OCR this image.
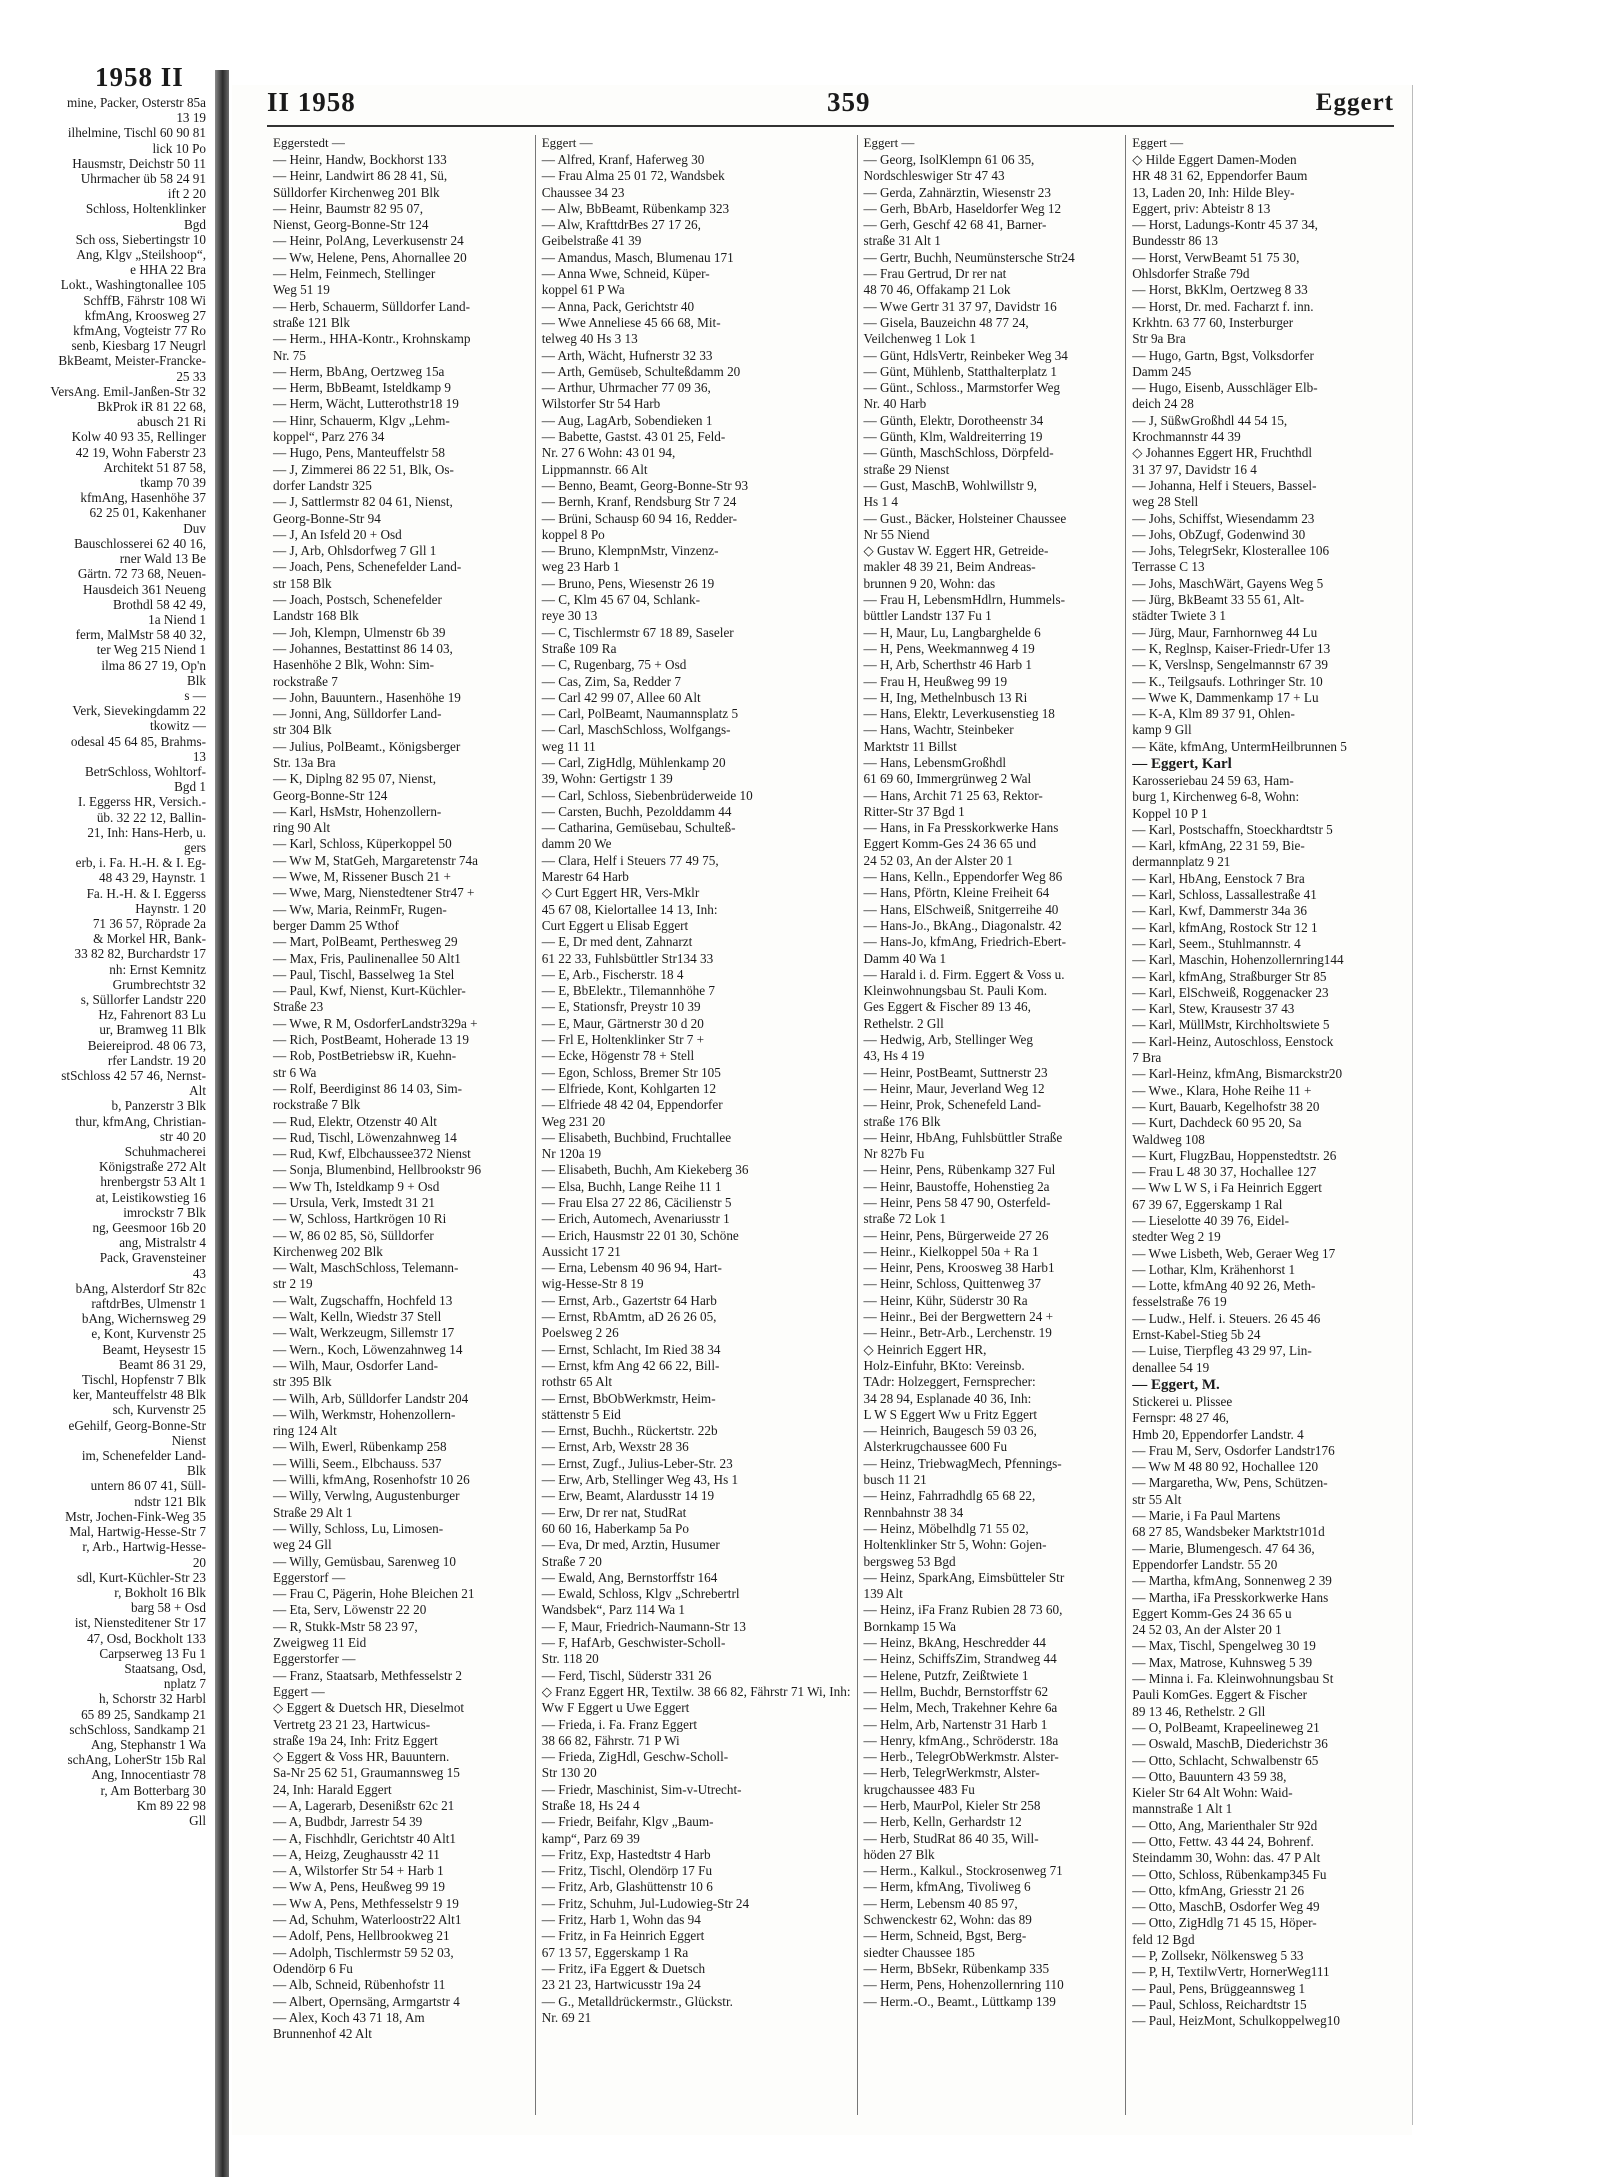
mine, Packer, Osterstr 85a
13 19
ilhelmine, Tischl 60 90 81
lick 10 Po
Hausmstr, Deichstr 50 11
Uhrmacher üb 58 24 91
ift 2 20
Schloss, Holtenklinker
Bgd
Sch oss, Siebertingstr 10
Ang, Klgv „Steilshoop“,
e HHA 22 Bra
Lokt., Washingtonallee 105
SchffB, Fährstr 108 Wi
kfmAng, Kroosweg 27
kfmAng, Vogteistr 77 Ro
senb, Kiesbarg 17 Neugrl
BkBeamt, Meister-Francke-
25 33
VersAng. Emil-Janßen-Str 32
BkProk iR 81 22 68,
abusch 21 Ri
Kolw 40 93 35, Rellinger
42 19, Wohn Faberstr 23
Architekt 51 87 58,
tkamp 70 39
kfmAng, Hasenhöhe 37
62 25 01, Kakenhaner
Duv
Bauschlosserei 62 40 16,
rner Wald 13 Be
Gärtn. 72 73 68, Neuen-
Hausdeich 361 Neueng
Brothdl 58 42 49,
1a Niend 1
ferm, MalMstr 58 40 32,
ter Weg 215 Niend 1
ilma 86 27 19, Op'n
Blk
s —
Verk, Sievekingdamm 22
tkowitz —
odesal 45 64 85, Brahms-
13
BetrSchloss, Wohltorf-
Bgd 1
I. Eggerss HR, Versich.-
üb. 32 22 12, Ballin-
21, Inh: Hans-Herb, u.
gers
erb, i. Fa. H.-H. & I. Eg-
48 43 29, Haynstr. 1
Fa. H.-H. & I. Eggerss
Haynstr. 1 20
71 36 57, Röprade 2a
& Morkel HR, Bank-
33 82 82, Burchardstr 17
nh: Ernst Kemnitz
Grumbrechtstr 32
s, Süllorfer Landstr 220
Hz, Fahrenort 83 Lu
ur, Bramweg 11 Blk
Beiereiprod. 48 06 73,
rfer Landstr. 19 20
stSchloss 42 57 46, Nernst-
Alt
b, Panzerstr 3 Blk
thur, kfmAng, Christian-
str 40 20
Schuhmacherei
Königstraße 272 Alt
hrenbergstr 53 Alt 1
at, Leistikowstieg 16
imrockstr 7 Blk
ng, Geesmoor 16b 20
ang, Mistralstr 4
Pack, Gravensteiner
43
bAng, Alsterdorf Str 82c
raftdrBes, Ulmenstr 1
bAng, Wichernsweg 29
e, Kont, Kurvenstr 25
Beamt, Heysestr 15
Beamt 86 31 29,
Tischl, Hopfenstr 7 Blk
ker, Manteuffelstr 48 Blk
sch, Kurvenstr 25
eGehilf, Georg-Bonne-Str
Nienst
im, Schenefelder Land-
Blk
untern 86 07 41, Süll-
ndstr 121 Blk
Mstr, Jochen-Fink-Weg 35
Mal, Hartwig-Hesse-Str 7
r, Arb., Hartwig-Hesse-
20
sdl, Kurt-Küchler-Str 23
r, Bokholt 16 Blk
barg 58 + Osd
ist, Niensteditener Str 17
47, Osd, Bockholt 133
Carpserweg 13 Fu 1
Staatsang, Osd,
nplatz 7
h, Schorstr 32 Harbl
65 89 25, Sandkamp 21
schSchloss, Sandkamp 21
Ang, Stephanstr 1 Wa
schAng, LoherStr 15b Ral
Ang, Innocentiastr 78
r, Am Botterbarg 30
Km 89 22 98
Gll
1958 II
II 1958	359	Eggert
Eggerstedt —
— Heinr, Handw, Bockhorst 133
— Heinr, Landwirt 86 28 41, Sü,
Sülldorfer Kirchenweg 201 Blk
— Heinr, Baumstr 82 95 07,
Nienst, Georg-Bonne-Str 124
— Heinr, PolAng, Leverkusenstr 24
— Ww, Helene, Pens, Ahornallee 20
— Helm, Feinmech, Stellinger
Weg 51 19
— Herb, Schauerm, Sülldorfer Land-
straße 121 Blk
— Herm., HHA-Kontr., Krohnskamp
Nr. 75
— Herm, BbAng, Oertzweg 15a
— Herm, BbBeamt, Isteldkamp 9
— Herm, Wächt, Lutterothstr18 19
— Hinr, Schauerm, Klgv „Lehm-
koppel“, Parz 276 34
— Hugo, Pens, Manteuffelstr 58
— J, Zimmerei 86 22 51, Blk, Os-
dorfer Landstr 325
— J, Sattlermstr 82 04 61, Nienst,
Georg-Bonne-Str 94
— J, An Isfeld 20 + Osd
— J, Arb, Ohlsdorfweg 7 Gll 1
— Joach, Pens, Schenefelder Land-
str 158 Blk
— Joach, Postsch, Schenefelder
Landstr 168 Blk
— Joh, Klempn, Ulmenstr 6b 39
— Johannes, Bestattinst 86 14 03,
Hasenhöhe 2 Blk, Wohn: Sim-
rockstraße 7
— John, Bauuntern., Hasenhöhe 19
— Jonni, Ang, Sülldorfer Land-
str 304 Blk
— Julius, PolBeamt., Königsberger
Str. 13a Bra
— K, Diplng 82 95 07, Nienst,
Georg-Bonne-Str 124
— Karl, HsMstr, Hohenzollern-
ring 90 Alt
— Karl, Schloss, Küperkoppel 50
— Ww M, StatGeh, Margaretenstr 74a
— Wwe, M, Rissener Busch 21 +
— Wwe, Marg, Nienstedtener Str47 +
— Ww, Maria, ReinmFr, Rugen-
berger Damm 25 Wthof
— Mart, PolBeamt, Perthesweg 29
— Max, Fris, Paulinenallee 50 Alt1
— Paul, Tischl, Basselweg 1a Stel
— Paul, Kwf, Nienst, Kurt-Küchler-
Straße 23
— Wwe, R M, OsdorferLandstr329a +
— Rich, PostBeamt, Hoherade 13 19
— Rob, PostBetriebsw iR, Kuehn-
str 6 Wa
— Rolf, Beerdiginst 86 14 03, Sim-
rockstraße 7 Blk
— Rud, Elektr, Otzenstr 40 Alt
— Rud, Tischl, Löwenzahnweg 14
— Rud, Kwf, Elbchaussee372 Nienst
— Sonja, Blumenbind, Hellbrookstr 96
— Ww Th, Isteldkamp 9 + Osd
— Ursula, Verk, Imstedt 31 21
— W, Schloss, Hartkrögen 10 Ri
— W, 86 02 85, Sö, Sülldorfer
Kirchenweg 202 Blk
— Walt, MaschSchloss, Telemann-
str 2 19
— Walt, Zugschaffn, Hochfeld 13
— Walt, Kelln, Wiedstr 37 Stell
— Walt, Werkzeugm, Sillemstr 17
— Wern., Koch, Löwenzahnweg 14
— Wilh, Maur, Osdorfer Land-
str 395 Blk
— Wilh, Arb, Sülldorfer Landstr 204
— Wilh, Werkmstr, Hohenzollern-
ring 124 Alt
— Wilh, Ewerl, Rübenkamp 258
— Willi, Seem., Elbchauss. 537
— Willi, kfmAng, Rosenhofstr 10 26
— Willy, Verwlng, Augustenburger
Straße 29 Alt 1
— Willy, Schloss, Lu, Limosen-
weg 24 Gll
— Willy, Gemüsbau, Sarenweg 10
Eggerstorf —
— Frau C, Pägerin, Hohe Bleichen 21
— Eta, Serv, Löwenstr 22 20
— R, Stukk-Mstr 58 23 97,
Zweigweg 11 Eid
Eggerstorfer —
— Franz, Staatsarb, Methfesselstr 2
Eggert —
◇ Eggert & Duetsch HR, Dieselmot
Vertretg 23 21 23, Hartwicus-
straße 19a 24, Inh: Fritz Eggert
◇ Eggert & Voss HR, Bauuntern.
Sa-Nr 25 62 51, Graumannsweg 15
24, Inh: Harald Eggert
— A, Lagerarb, Desenißstr 62c 21
— A, Budbdr, Jarrestr 54 39
— A, Fischhdlr, Gerichtstr 40 Alt1
— A, Heizg, Zeughausstr 42 11
— A, Wilstorfer Str 54 + Harb 1
— Ww A, Pens, Heußweg 99 19
— Ww A, Pens, Methfesselstr 9 19
— Ad, Schuhm, Waterloostr22 Alt1
— Adolf, Pens, Hellbrookweg 21
— Adolph, Tischlermstr 59 52 03,
Odendörp 6 Fu
— Alb, Schneid, Rübenhofstr 11
— Albert, Opernsäng, Armgartstr 4
— Alex, Koch 43 71 18, Am
Brunnenhof 42 Alt
Eggert —
— Alfred, Kranf, Haferweg 30
— Frau Alma 25 01 72, Wandsbek
Chaussee 34 23
— Alw, BbBeamt, Rübenkamp 323
— Alw, KrafttdrBes 27 17 26,
Geibelstraße 41 39
— Amandus, Masch, Blumenau 171
— Anna Wwe, Schneid, Küper-
koppel 61 P Wa
— Anna, Pack, Gerichtstr 40
— Wwe Anneliese 45 66 68, Mit-
telweg 40 Hs 3 13
— Arth, Wächt, Hufnerstr 32 33
— Arth, Gemüseb, Schulteßdamm 20
— Arthur, Uhrmacher 77 09 36,
Wilstorfer Str 54 Harb
— Aug, LagArb, Sobendieken 1
— Babette, Gastst. 43 01 25, Feld-
Nr. 27 6 Wohn: 43 01 94,
Lippmannstr. 66 Alt
— Benno, Beamt, Georg-Bonne-Str 93
— Bernh, Kranf, Rendsburg Str 7 24
— Brüni, Schausp 60 94 16, Redder-
koppel 8 Po
— Bruno, KlempnMstr, Vinzenz-
weg 23 Harb 1
— Bruno, Pens, Wiesenstr 26 19
— C, Klm 45 67 04, Schlank-
reye 30 13
— C, Tischlermstr 67 18 89, Saseler
Straße 109 Ra
— C, Rugenbarg, 75 + Osd
— Cas, Zim, Sa, Redder 7
— Carl 42 99 07, Allee 60 Alt
— Carl, PolBeamt, Naumannsplatz 5
— Carl, MaschSchloss, Wolfgangs-
weg 11 11
— Carl, ZigHdlg, Mühlenkamp 20
39, Wohn: Gertigstr 1 39
— Carl, Schloss, Siebenbrüderweide 10
— Carsten, Buchh, Pezolddamm 44
— Catharina, Gemüsebau, Schulteß-
damm 20 We
— Clara, Helf i Steuers 77 49 75,
Marestr 64 Harb
◇ Curt Eggert HR, Vers-Mklr
45 67 08, Kielortallee 14 13, Inh:
Curt Eggert u Elisab Eggert
— E, Dr med dent, Zahnarzt
61 22 33, Fuhlsbüttler Str134 33
— E, Arb., Fischerstr. 18 4
— E, BbElektr., Tilemannhöhe 7
— E, Stationsfr, Preystr 10 39
— E, Maur, Gärtnerstr 30 d 20
— Frl E, Holtenklinker Str 7 +
— Ecke, Högenstr 78 + Stell
— Egon, Schloss, Bremer Str 105
— Elfriede, Kont, Kohlgarten 12
— Elfriede 48 42 04, Eppendorfer
Weg 231 20
— Elisabeth, Buchbind, Fruchtallee
Nr 120a 19
— Elisabeth, Buchh, Am Kiekeberg 36
— Elsa, Buchh, Lange Reihe 11 1
— Frau Elsa 27 22 86, Cäcilienstr 5
— Erich, Automech, Avenariusstr 1
— Erich, Hausmstr 22 01 30, Schöne
Aussicht 17 21
— Erna, Lebensm 40 96 94, Hart-
wig-Hesse-Str 8 19
— Ernst, Arb., Gazertstr 64 Harb
— Ernst, RbAmtm, aD 26 26 05,
Poelsweg 2 26
— Ernst, Schlacht, Im Ried 38 34
— Ernst, kfm Ang 42 66 22, Bill-
rothstr 65 Alt
— Ernst, BbObWerkmstr, Heim-
stättenstr 5 Eid
— Ernst, Buchh., Rückertstr. 22b
— Ernst, Arb, Wexstr 28 36
— Ernst, Zugf., Julius-Leber-Str. 23
— Erw, Arb, Stellinger Weg 43, Hs 1
— Erw, Beamt, Alardusstr 14 19
— Erw, Dr rer nat, StudRat
60 60 16, Haberkamp 5a Po
— Eva, Dr med, Arztin, Husumer
Straße 7 20
— Ewald, Ang, Bernstorffstr 164
— Ewald, Schloss, Klgv „Schrebertrl
Wandsbek“, Parz 114 Wa 1
— F, Maur, Friedrich-Naumann-Str 13
— F, HafArb, Geschwister-Scholl-
Str. 118 20
— Ferd, Tischl, Süderstr 331 26
◇ Franz Eggert HR, Textilw. 38 66 82, Fährstr 71 Wi, Inh:
Ww F Eggert u Uwe Eggert
— Frieda, i. Fa. Franz Eggert
38 66 82, Fährstr. 71 P Wi
— Frieda, ZigHdl, Geschw-Scholl-
Str 130 20
— Friedr, Maschinist, Sim-v-Utrecht-
Straße 18, Hs 24 4
— Friedr, Beifahr, Klgv „Baum-
kamp“, Parz 69 39
— Fritz, Exp, Hastedtstr 4 Harb
— Fritz, Tischl, Olendörp 17 Fu
— Fritz, Arb, Glashüttenstr 10 6
— Fritz, Schuhm, Jul-Ludowieg-Str 24
— Fritz, Harb 1, Wohn das 94
— Fritz, in Fa Heinrich Eggert
67 13 57, Eggerskamp 1 Ra
— Fritz, iFa Eggert & Duetsch
23 21 23, Hartwicusstr 19a 24
— G., Metalldrückermstr., Glückstr.
Nr. 69 21
Eggert —
— Georg, IsolKlempn 61 06 35,
Nordschleswiger Str 47 43
— Gerda, Zahnärztin, Wiesenstr 23
— Gerh, BbArb, Haseldorfer Weg 12
— Gerh, Geschf 42 68 41, Barner-
straße 31 Alt 1
— Gertr, Buchh, Neumünstersche Str24
— Frau Gertrud, Dr rer nat
48 70 46, Offakamp 21 Lok
— Wwe Gertr 31 37 97, Davidstr 16
— Gisela, Bauzeichn 48 77 24,
Veilchenweg 1 Lok 1
— Günt, HdlsVertr, Reinbeker Weg 34
— Günt, Mühlenb, Statthalterplatz 1
— Günt., Schloss., Marmstorfer Weg
Nr. 40 Harb
— Günth, Elektr, Dorotheenstr 34
— Günth, Klm, Waldreiterring 19
— Günth, MaschSchloss, Dörpfeld-
straße 29 Nienst
— Gust, MaschB, Wohlwillstr 9,
Hs 1 4
— Gust., Bäcker, Holsteiner Chaussee
Nr 55 Niend
◇ Gustav W. Eggert HR, Getreide-
makler 48 39 21, Beim Andreas-
brunnen 9 20, Wohn: das
— Frau H, LebensmHdlrn, Hummels-
büttler Landstr 137 Fu 1
— H, Maur, Lu, Langbarghelde 6
— H, Pens, Weekmannweg 4 19
— H, Arb, Scherthstr 46 Harb 1
— Frau H, Heußweg 99 19
— H, Ing, Methelnbusch 13 Ri
— Hans, Elektr, Leverkusenstieg 18
— Hans, Wachtr, Steinbeker
Marktstr 11 Billst
— Hans, LebensmGroßhdl
61 69 60, Immergrünweg 2 Wal
— Hans, Archit 71 25 63, Rektor-
Ritter-Str 37 Bgd 1
— Hans, in Fa Presskorkwerke Hans
Eggert Komm-Ges 24 36 65 und
24 52 03, An der Alster 20 1
— Hans, Kelln., Eppendorfer Weg 86
— Hans, Pförtn, Kleine Freiheit 64
— Hans, ElSchweiß, Snitgerreihe 40
— Hans-Jo., BkAng., Diagonalstr. 42
— Hans-Jo, kfmAng, Friedrich-Ebert-
Damm 40 Wa 1
— Harald i. d. Firm. Eggert & Voss u.
Kleinwohnungsbau St. Pauli Kom.
Ges Eggert & Fischer 89 13 46,
Rethelstr. 2 Gll
— Hedwig, Arb, Stellinger Weg
43, Hs 4 19
— Heinr, PostBeamt, Suttnerstr 23
— Heinr, Maur, Jeverland Weg 12
— Heinr, Prok, Schenefeld Land-
straße 176 Blk
— Heinr, HbAng, Fuhlsbüttler Straße
Nr 827b Fu
— Heinr, Pens, Rübenkamp 327 Ful
— Heinr, Baustoffe, Hohenstieg 2a
— Heinr, Pens 58 47 90, Osterfeld-
straße 72 Lok 1
— Heinr, Pens, Bürgerweide 27 26
— Heinr., Kielkoppel 50a + Ra 1
— Heinr, Pens, Kroosweg 38 Harb1
— Heinr, Schloss, Quittenweg 37
— Heinr, Kühr, Süderstr 30 Ra
— Heinr., Bei der Bergwettern 24 +
— Heinr., Betr-Arb., Lerchenstr. 19
◇ Heinrich Eggert HR,
Holz-Einfuhr, BKto: Vereinsb.
TAdr: Holzeggert, Fernsprecher:
34 28 94, Esplanade 40 36, Inh:
L W S Eggert Ww u Fritz Eggert
— Heinrich, Baugesch 59 03 26,
Alsterkrugchaussee 600 Fu
— Heinz, TriebwagMech, Pfennings-
busch 11 21
— Heinz, Fahrradhdlg 65 68 22,
Rennbahnstr 38 34
— Heinz, Möbelhdlg 71 55 02,
Holtenklinker Str 5, Wohn: Gojen-
bergsweg 53 Bgd
— Heinz, SparkAng, Eimsbütteler Str
139 Alt
— Heinz, iFa Franz Rubien 28 73 60,
Bornkamp 15 Wa
— Heinz, BkAng, Heschredder 44
— Heinz, SchiffsZim, Strandweg 44
— Helene, Putzfr, Zeißtwiete 1
— Hellm, Buchdr, Bernstorffstr 62
— Helm, Mech, Trakehner Kehre 6a
— Helm, Arb, Nartenstr 31 Harb 1
— Henry, kfmAng., Schröderstr. 18a
— Herb., TelegrObWerkmstr. Alster-
— Herb, TelegrWerkmstr, Alster-
krugchaussee 483 Fu
— Herb, MaurPol, Kieler Str 258
— Herb, Kelln, Gerhardstr 12
— Herb, StudRat 86 40 35, Will-
höden 27 Blk
— Herm., Kalkul., Stockrosenweg 71
— Herm, kfmAng, Tivoliweg 6
— Herm, Lebensm 40 85 97,
Schwenckestr 62, Wohn: das 89
— Herm, Schneid, Bgst, Berg-
siedter Chaussee 185
— Herm, BbSekr, Rübenkamp 335
— Herm, Pens, Hohenzollernring 110
— Herm.-O., Beamt., Lüttkamp 139
Eggert —
◇ Hilde Eggert Damen-Moden
HR 48 31 62, Eppendorfer Baum
13, Laden 20, Inh: Hilde Bley-
Eggert, priv: Abteistr 8 13
— Horst, Ladungs-Kontr 45 37 34,
Bundesstr 86 13
— Horst, VerwBeamt 51 75 30,
Ohlsdorfer Straße 79d
— Horst, BkKlm, Oertzweg 8 33
— Horst, Dr. med. Facharzt f. inn.
Krkhtn. 63 77 60, Insterburger
Str 9a Bra
— Hugo, Gartn, Bgst, Volksdorfer
Damm 245
— Hugo, Eisenb, Ausschläger Elb-
deich 24 28
— J, SüßwGroßhdl 44 54 15,
Krochmannstr 44 39
◇ Johannes Eggert HR, Fruchthdl
31 37 97, Davidstr 16 4
— Johanna, Helf i Steuers, Bassel-
weg 28 Stell
— Johs, Schiffst, Wiesendamm 23
— Johs, ObZugf, Godenwind 30
— Johs, TelegrSekr, Klosterallee 106
Terrasse C 13
— Johs, MaschWärt, Gayens Weg 5
— Jürg, BkBeamt 33 55 61, Alt-
städter Twiete 3 1
— Jürg, Maur, Farnhornweg 44 Lu
— K, Reglnsp, Kaiser-Friedr-Ufer 13
— K, Verslnsp, Sengelmannstr 67 39
— K., Teilgsaufs. Lothringer Str. 10
— Wwe K, Dammenkamp 17 + Lu
— K-A, Klm 89 37 91, Ohlen-
kamp 9 Gll
— Käte, kfmAng, UntermHeilbrunnen 5
— Eggert, Karl
Karosseriebau 24 59 63, Ham-
burg 1, Kirchenweg 6-8, Wohn:
Koppel 10 P 1
— Karl, Postschaffn, Stoeckhardtstr 5
— Karl, kfmAng, 22 31 59, Bie-
dermannplatz 9 21
— Karl, HbAng, Eenstock 7 Bra
— Karl, Schloss, Lassallestraße 41
— Karl, Kwf, Dammerstr 34a 36
— Karl, kfmAng, Rostock Str 12 1
— Karl, Seem., Stuhlmannstr. 4
— Karl, Maschin, Hohenzollernring144
— Karl, kfmAng, Straßburger Str 85
— Karl, ElSchweiß, Roggenacker 23
— Karl, Stew, Krausestr 37 43
— Karl, MüllMstr, Kirchholtswiete 5
— Karl-Heinz, Autoschloss, Eenstock
7 Bra
— Karl-Heinz, kfmAng, Bismarckstr20
— Wwe., Klara, Hohe Reihe 11 +
— Kurt, Bauarb, Kegelhofstr 38 20
— Kurt, Dachdeck 60 95 20, Sa
Waldweg 108
— Kurt, FlugzBau, Hoppenstedtstr. 26
— Frau L 48 30 37, Hochallee 127
— Ww L W S, i Fa Heinrich Eggert
67 39 67, Eggerskamp 1 Ral
— Lieselotte 40 39 76, Eidel-
stedter Weg 2 19
— Wwe Lisbeth, Web, Geraer Weg 17
— Lothar, Klm, Krähenhorst 1
— Lotte, kfmAng 40 92 26, Meth-
fesselstraße 76 19
— Ludw., Helf. i. Steuers. 26 45 46
Ernst-Kabel-Stieg 5b 24
— Luise, Tierpfleg 43 29 97, Lin-
denallee 54 19
— Eggert, M.
Stickerei u. Plissee
Fernspr: 48 27 46,
Hmb 20, Eppendorfer Landstr. 4
— Frau M, Serv, Osdorfer Landstr176
— Ww M 48 80 92, Hochallee 120
— Margaretha, Ww, Pens, Schützen-
str 55 Alt
— Marie, i Fa Paul Martens
68 27 85, Wandsbeker Marktstr101d
— Marie, Blumengesch. 47 64 36,
Eppendorfer Landstr. 55 20
— Martha, kfmAng, Sonnenweg 2 39
— Martha, iFa Presskorkwerke Hans
Eggert Komm-Ges 24 36 65 u
24 52 03, An der Alster 20 1
— Max, Tischl, Spengelweg 30 19
— Max, Matrose, Kuhnsweg 5 39
— Minna i. Fa. Kleinwohnungsbau St
Pauli KomGes. Eggert & Fischer
89 13 46, Rethelstr. 2 Gll
— O, PolBeamt, Krapeelineweg 21
— Oswald, MaschB, Diederichstr 36
— Otto, Schlacht, Schwalbenstr 65
— Otto, Bauuntern 43 59 38,
Kieler Str 64 Alt Wohn: Waid-
mannstraße 1 Alt 1
— Otto, Ang, Marienthaler Str 92d
— Otto, Fettw. 43 44 24, Bohrenf.
Steindamm 30, Wohn: das. 47 P Alt
— Otto, Schloss, Rübenkamp345 Fu
— Otto, kfmAng, Griesstr 21 26
— Otto, MaschB, Osdorfer Weg 49
— Otto, ZigHdlg 71 45 15, Höper-
feld 12 Bgd
— P, Zollsekr, Nölkensweg 5 33
— P, H, TextilwVertr, HornerWeg111
— Paul, Pens, Brüggeannsweg 1
— Paul, Schloss, Reichardtstr 15
— Paul, HeizMont, Schulkoppelweg10
